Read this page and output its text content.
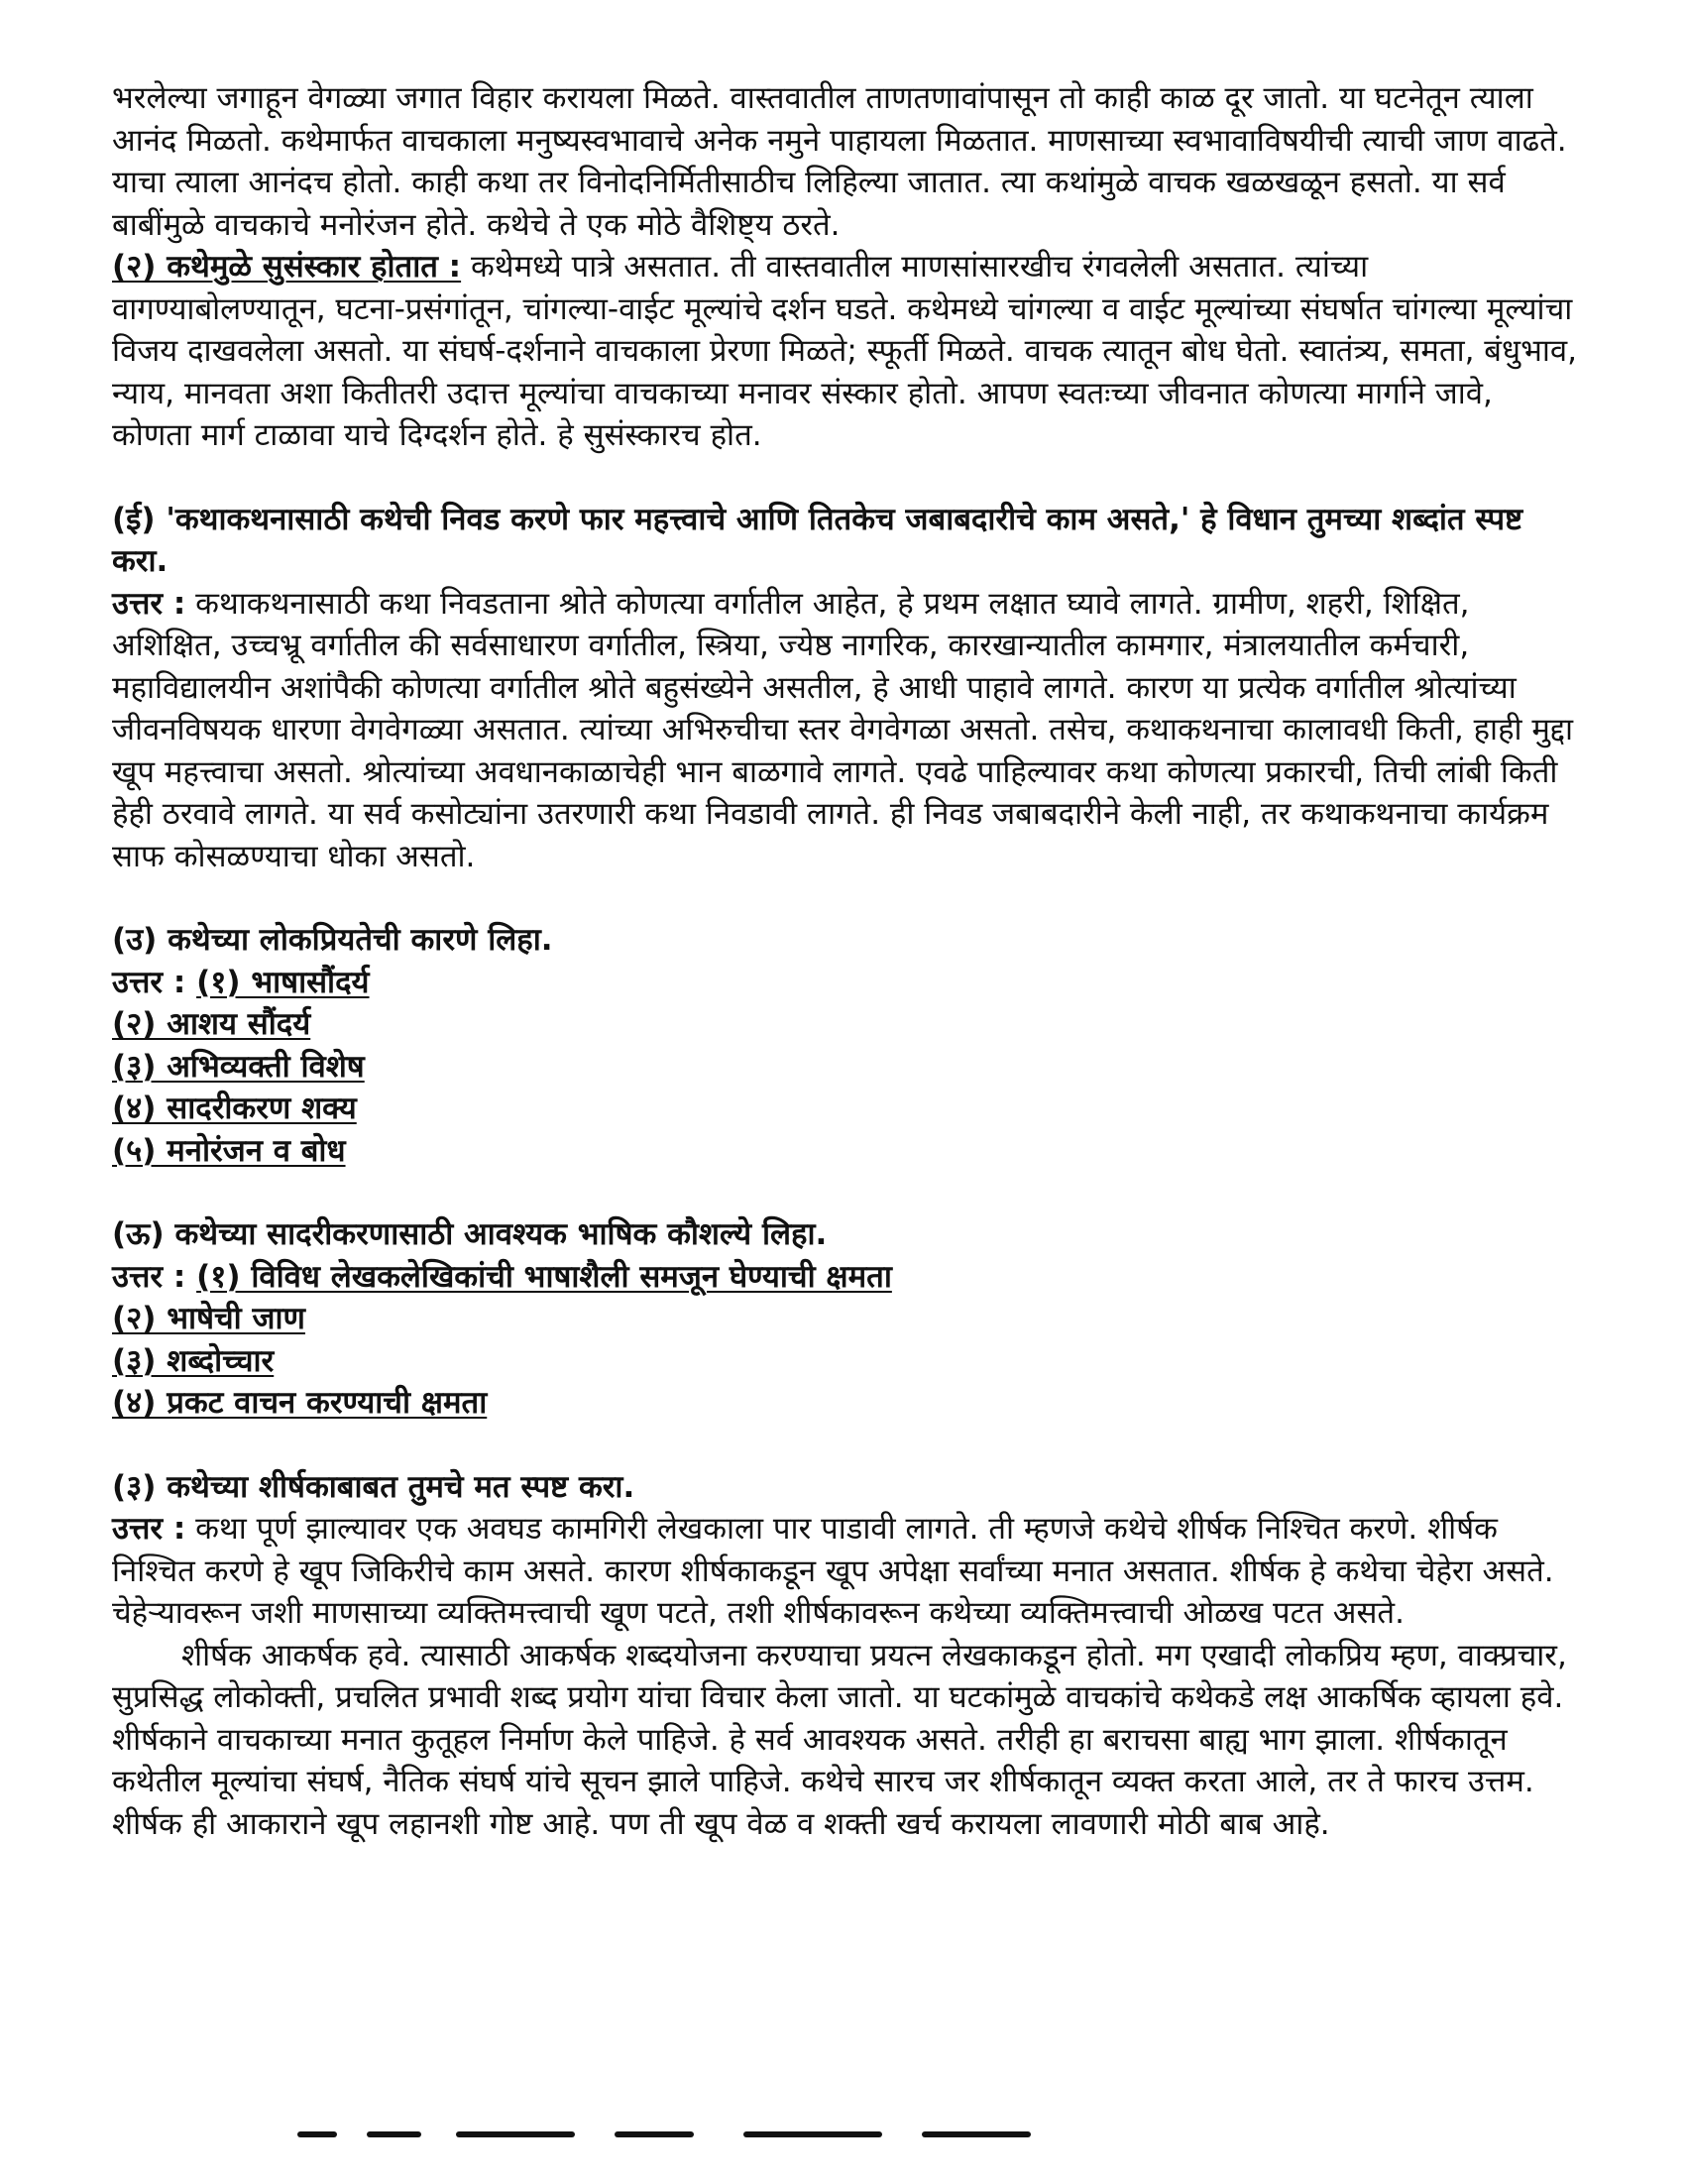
भरलेल्या जगाहून वेगळ्या जगात विहार करायला मिळते. वास्तवातील ताणतणावांपासून तो काही काळ दूर जातो. या घटनेतून त्याला आनंद मिळतो. कथेमार्फत वाचकाला मनुष्यस्वभावाचे अनेक नमुने पाहायला मिळतात. माणसाच्या स्वभावाविषयीची त्याची जाण वाढते. याचा त्याला आनंदच होतो. काही कथा तर विनोदनिर्मितीसाठीच लिहिल्या जातात. त्या कथांमुळे वाचक खळखळून हसतो. या सर्व बाबींमुळे वाचकाचे मनोरंजन होते. कथेचे ते एक मोठे वैशिष्ट्य ठरते.

(२) कथेमुळे सुसंस्कार होतात : कथेमध्ये पात्रे असतात. ती वास्तवातील माणसांसारखीच रंगवलेली असतात. त्यांच्या वागण्याबोलण्यातून, घटना-प्रसंगांतून, चांगल्या-वाईट मूल्यांचे दर्शन घडते. कथेमध्ये चांगल्या व वाईट मूल्यांच्या संघर्षात चांगल्या मूल्यांचा विजय दाखवलेला असतो. या संघर्ष-दर्शनाने वाचकाला प्रेरणा मिळते; स्फूर्ती मिळते. वाचक त्यातून बोध घेतो. स्वातंत्र्य, समता, बंधुभाव, न्याय, मानवता अशा कितीतरी उदात्त मूल्यांचा वाचकाच्या मनावर संस्कार होतो. आपण स्वतःच्या जीवनात कोणत्या मार्गाने जावे, कोणता मार्ग टाळावा याचे दिग्दर्शन होते. हे सुसंस्कारच होत.

(ई) 'कथाकथनासाठी कथेची निवड करणे फार महत्त्वाचे आणि तितकेच जबाबदारीचे काम असते,' हे विधान तुमच्या शब्दांत स्पष्ट करा.

उत्तर : कथाकथनासाठी कथा निवडताना श्रोते कोणत्या वर्गातील आहेत, हे प्रथम लक्षात घ्यावे लागते. ग्रामीण, शहरी, शिक्षित, अशिक्षित, उच्चभ्रू वर्गातील की सर्वसाधारण वर्गातील, स्त्रिया, ज्येष्ठ नागरिक, कारखान्यातील कामगार, मंत्रालयातील कर्मचारी, महाविद्यालयीन अशांपैकी कोणत्या वर्गातील श्रोते बहुसंख्येने असतील, हे आधी पाहावे लागते. कारण या प्रत्येक वर्गातील श्रोत्यांच्या जीवनविषयक धारणा वेगवेगळ्या असतात. त्यांच्या अभिरुचीचा स्तर वेगवेगळा असतो. तसेच, कथाकथनाचा कालावधी किती, हाही मुद्दा खूप महत्त्वाचा असतो. श्रोत्यांच्या अवधानकाळाचेही भान बाळगावे लागते. एवढे पाहिल्यावर कथा कोणत्या प्रकारची, तिची लांबी किती हेही ठरवावे लागते. या सर्व कसोट्यांना उतरणारी कथा निवडावी लागते. ही निवड जबाबदारीने केली नाही, तर कथाकथनाचा कार्यक्रम साफ कोसळण्याचा धोका असतो.

(उ) कथेच्या लोकप्रियतेची कारणे लिहा.

उत्तर : (१) भाषासौंदर्य

(२) आशय सौंदर्य

(३) अभिव्यक्ती विशेष

(४) सादरीकरण शक्य

(५) मनोरंजन व बोध

(ऊ) कथेच्या सादरीकरणासाठी आवश्यक भाषिक कौशल्ये लिहा.

उत्तर : (१) विविध लेखकलेखिकांची भाषाशैली समजून घेण्याची क्षमता

(२) भाषेची जाण

(३) शब्दोच्चार

(४) प्रकट वाचन करण्याची क्षमता

(३) कथेच्या शीर्षकाबाबत तुमचे मत स्पष्ट करा.

उत्तर : कथा पूर्ण झाल्यावर एक अवघड कामगिरी लेखकाला पार पाडावी लागते. ती म्हणजे कथेचे शीर्षक निश्चित करणे. शीर्षक निश्चित करणे हे खूप जिकिरीचे काम असते. कारण शीर्षकाकडून खूप अपेक्षा सर्वांच्या मनात असतात. शीर्षक हे कथेचा चेहेरा असते. चेहेऱ्यावरून जशी माणसाच्या व्यक्तिमत्त्वाची खूण पटते, तशी शीर्षकावरून कथेच्या व्यक्तिमत्त्वाची ओळख पटत असते.

शीर्षक आकर्षक हवे. त्यासाठी आकर्षक शब्दयोजना करण्याचा प्रयत्न लेखकाकडून होतो. मग एखादी लोकप्रिय म्हण, वाक्प्रचार, सुप्रसिद्ध लोकोक्ती, प्रचलित प्रभावी शब्द प्रयोग यांचा विचार केला जातो. या घटकांमुळे वाचकांचे कथेकडे लक्ष आकर्षिक व्हायला हवे. शीर्षकाने वाचकाच्या मनात कुतूहल निर्माण केले पाहिजे. हे सर्व आवश्यक असते. तरीही हा बराचसा बाह्य भाग झाला. शीर्षकातून कथेतील मूल्यांचा संघर्ष, नैतिक संघर्ष यांचे सूचन झाले पाहिजे. कथेचे सारच जर शीर्षकातून व्यक्त करता आले, तर ते फारच उत्तम. शीर्षक ही आकाराने खूप लहानशी गोष्ट आहे. पण ती खूप वेळ व शक्ती खर्च करायला लावणारी मोठी बाब आहे.
